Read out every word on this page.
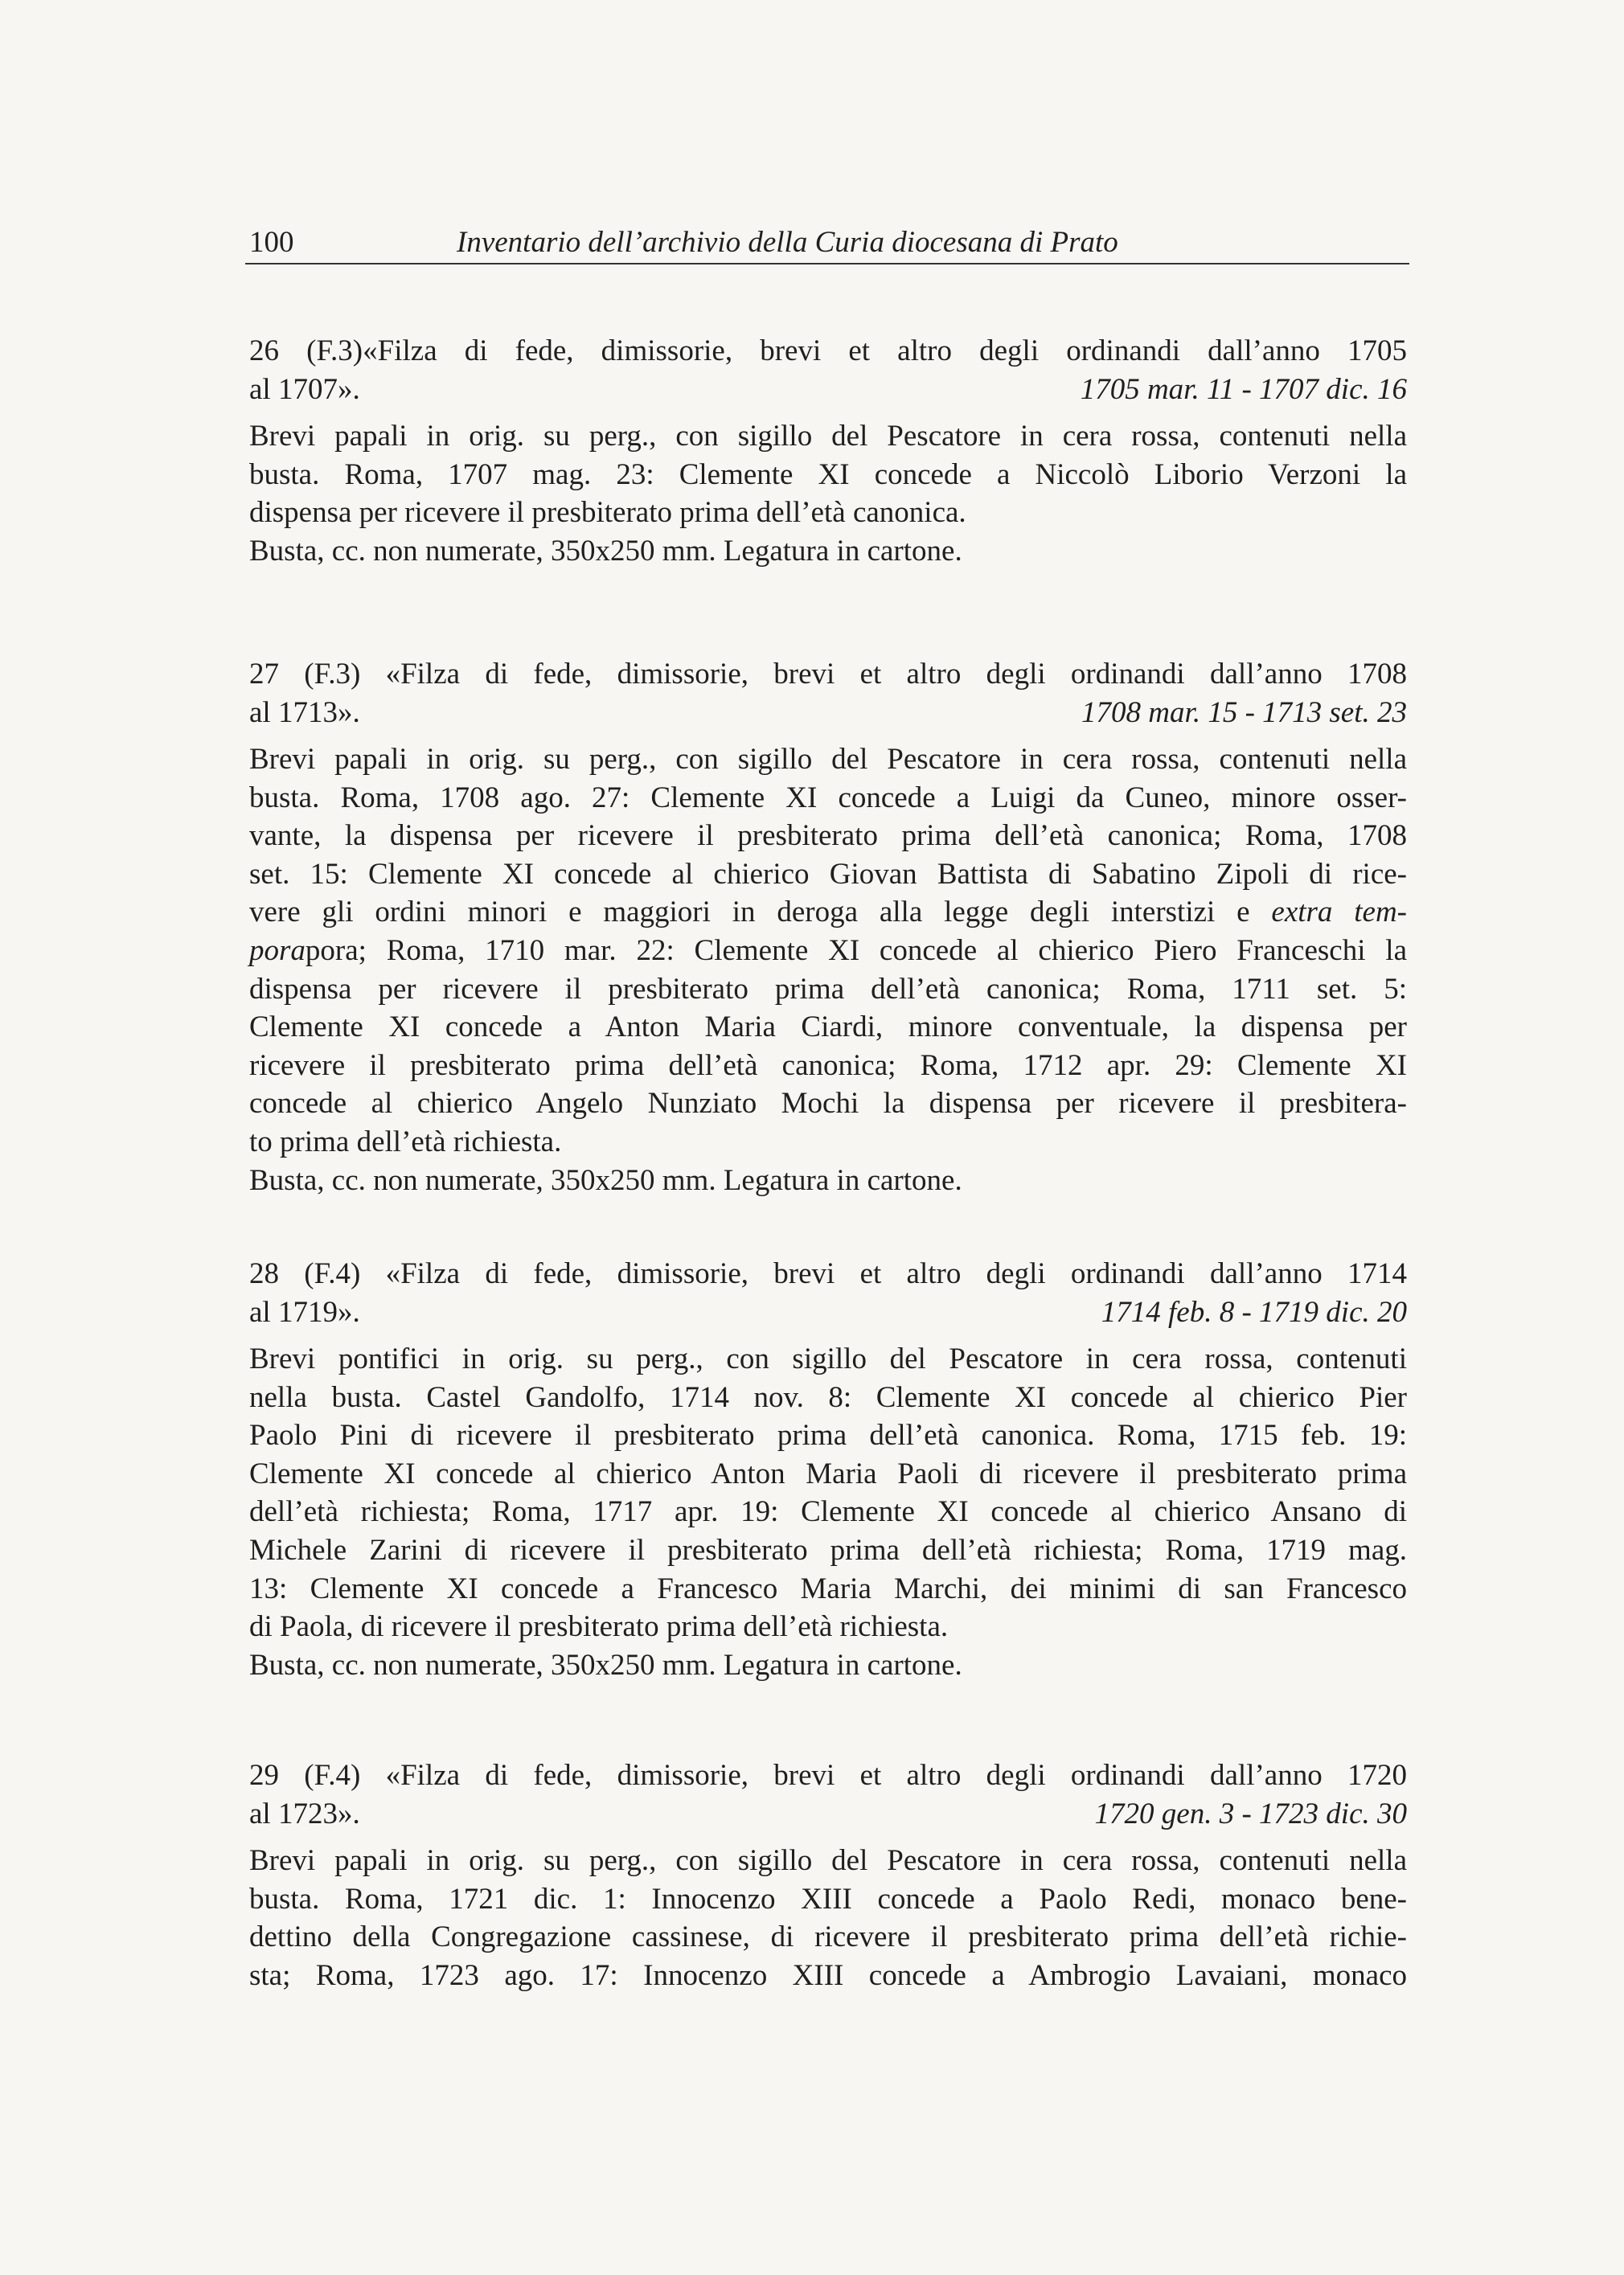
100	Inventario dell’archivio della Curia diocesana di Prato
26 (F.3)«Filza di fede, dimissorie, brevi et altro degli ordinandi dall’anno 1705
al 1707».	1705 mar. 11 - 1707 dic. 16
Brevi papali in orig. su perg., con sigillo del Pescatore in cera rossa, contenuti nella
busta. Roma, 1707 mag. 23: Clemente XI concede a Niccolò Liborio Verzoni la
dispensa per ricevere il presbiterato prima dell’età canonica.
Busta, cc. non numerate, 350x250 mm. Legatura in cartone.
27 (F.3) «Filza di fede, dimissorie, brevi et altro degli ordinandi dall’anno 1708
al 1713».	1708 mar. 15 - 1713 set. 23
Brevi papali in orig. su perg., con sigillo del Pescatore in cera rossa, contenuti nella
busta. Roma, 1708 ago. 27: Clemente XI concede a Luigi da Cuneo, minore osser-
vante, la dispensa per ricevere il presbiterato prima dell’età canonica; Roma, 1708
set. 15: Clemente XI concede al chierico Giovan Battista di Sabatino Zipoli di rice-
vere gli ordini minori e maggiori in deroga alla legge degli interstizi e extra tem-
porapora; Roma, 1710 mar. 22: Clemente XI concede al chierico Piero Franceschi la
dispensa per ricevere il presbiterato prima dell’età canonica; Roma, 1711 set. 5:
Clemente XI concede a Anton Maria Ciardi, minore conventuale, la dispensa per
ricevere il presbiterato prima dell’età canonica; Roma, 1712 apr. 29: Clemente XI
concede al chierico Angelo Nunziato Mochi la dispensa per ricevere il presbitera-
to prima dell’età richiesta.
Busta, cc. non numerate, 350x250 mm. Legatura in cartone.
28 (F.4) «Filza di fede, dimissorie, brevi et altro degli ordinandi dall’anno 1714
al 1719».	1714 feb. 8 - 1719 dic. 20
Brevi pontifici in orig. su perg., con sigillo del Pescatore in cera rossa, contenuti
nella busta. Castel Gandolfo, 1714 nov. 8: Clemente XI concede al chierico Pier
Paolo Pini di ricevere il presbiterato prima dell’età canonica. Roma, 1715 feb. 19:
Clemente XI concede al chierico Anton Maria Paoli di ricevere il presbiterato prima
dell’età richiesta; Roma, 1717 apr. 19: Clemente XI concede al chierico Ansano di
Michele Zarini di ricevere il presbiterato prima dell’età richiesta; Roma, 1719 mag.
13: Clemente XI concede a Francesco Maria Marchi, dei minimi di san Francesco
di Paola, di ricevere il presbiterato prima dell’età richiesta.
Busta, cc. non numerate, 350x250 mm. Legatura in cartone.
29 (F.4) «Filza di fede, dimissorie, brevi et altro degli ordinandi dall’anno 1720
al 1723».	1720 gen. 3 - 1723 dic. 30
Brevi papali in orig. su perg., con sigillo del Pescatore in cera rossa, contenuti nella
busta. Roma, 1721 dic. 1: Innocenzo XIII concede a Paolo Redi, monaco bene-
dettino della Congregazione cassinese, di ricevere il presbiterato prima dell’età richie-
sta; Roma, 1723 ago. 17: Innocenzo XIII concede a Ambrogio Lavaiani, monaco
